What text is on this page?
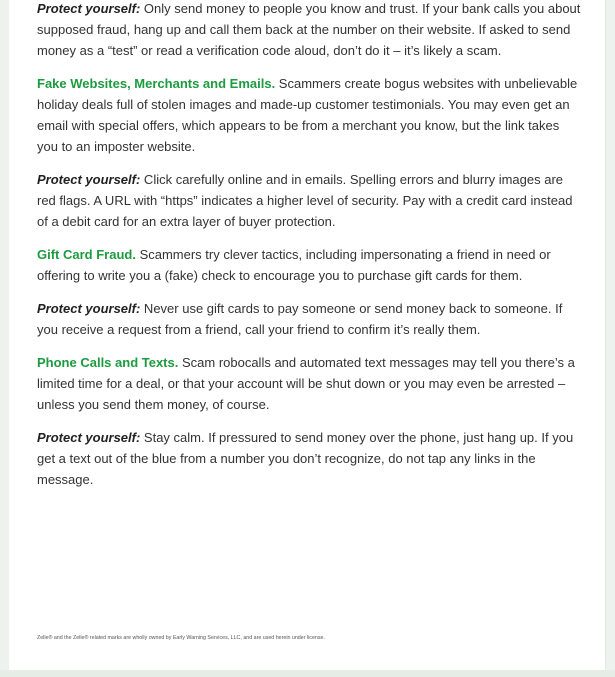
Protect yourself: Only send money to people you know and trust. If your bank calls you about supposed fraud, hang up and call them back at the number on their website. If asked to send money as a “test” or read a verification code aloud, don’t do it – it’s likely a scam.

Fake Websites, Merchants and Emails. Scammers create bogus websites with unbelievable holiday deals full of stolen images and made-up customer testimonials. You may even get an email with special offers, which appears to be from a merchant you know, but the link takes you to an imposter website.

Protect yourself: Click carefully online and in emails. Spelling errors and blurry images are red flags. A URL with “https” indicates a higher level of security. Pay with a credit card instead of a debit card for an extra layer of buyer protection.

Gift Card Fraud. Scammers try clever tactics, including impersonating a friend in need or offering to write you a (fake) check to encourage you to purchase gift cards for them.

Protect yourself: Never use gift cards to pay someone or send money back to someone. If you receive a request from a friend, call your friend to confirm it’s really them.

Phone Calls and Texts. Scam robocalls and automated text messages may tell you there’s a limited time for a deal, or that your account will be shut down or you may even be arrested – unless you send them money, of course.

Protect yourself: Stay calm. If pressured to send money over the phone, just hang up. If you get a text out of the blue from a number you don’t recognize, do not tap any links in the message.

Zelle® and the Zelle® related marks are wholly owned by Early Warning Services, LLC, and are used herein under license.
